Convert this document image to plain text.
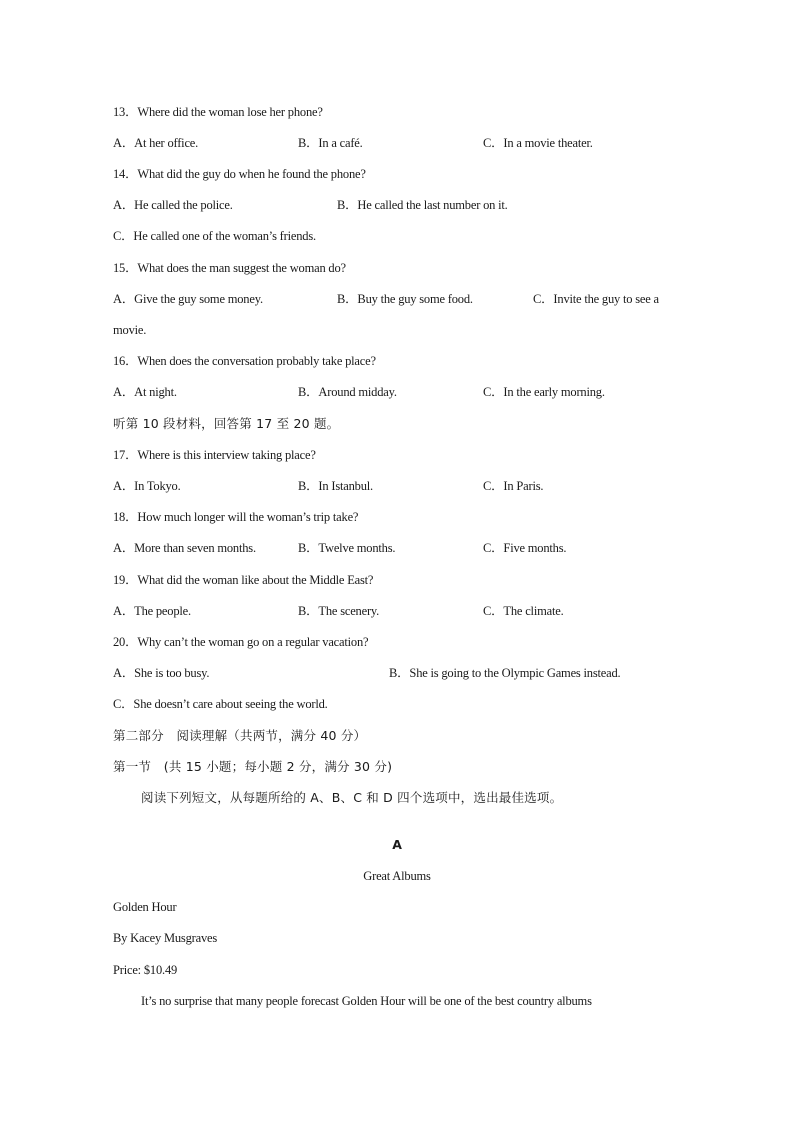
13．Where did the woman lose her phone?
A．At her office.	B．In a café.	C．In a movie theater.
14．What did the guy do when he found the phone?
A．He called the police.	B．He called the last number on it.
C．He called one of the woman’s friends.
15．What does the man suggest the woman do?
A．Give the guy some money.	B．Buy the guy some food.	C．Invite the guy to see a
movie.
16．When does the conversation probably take place?
A．At night.	B．Around midday.	C．In the early morning.
听第 10 段材料，回答第 17 至 20 题。
17．Where is this interview taking place?
A．In Tokyo.	B．In Istanbul.	C．In Paris.
18．How much longer will the woman’s trip take?
A．More than seven months.	B．Twelve months.	C．Five months.
19．What did the woman like about the Middle East?
A．The people.	B．The scenery.	C．The climate.
20．Why can’t the woman go on a regular vacation?
A．She is too busy.	B．She is going to the Olympic Games instead.
C．She doesn’t care about seeing the world.
第二部分　阅读理解（共两节，满分 40 分）
第一节　(共 15 小题；每小题 2 分，满分 30 分)
阅读下列短文，从每题所给的 A、B、C 和 D 四个选项中，选出最佳选项。
A
Great Albums
Golden Hour
By Kacey Musgraves
Price: $10.49
It’s no surprise that many people forecast Golden Hour will be one of the best country albums
